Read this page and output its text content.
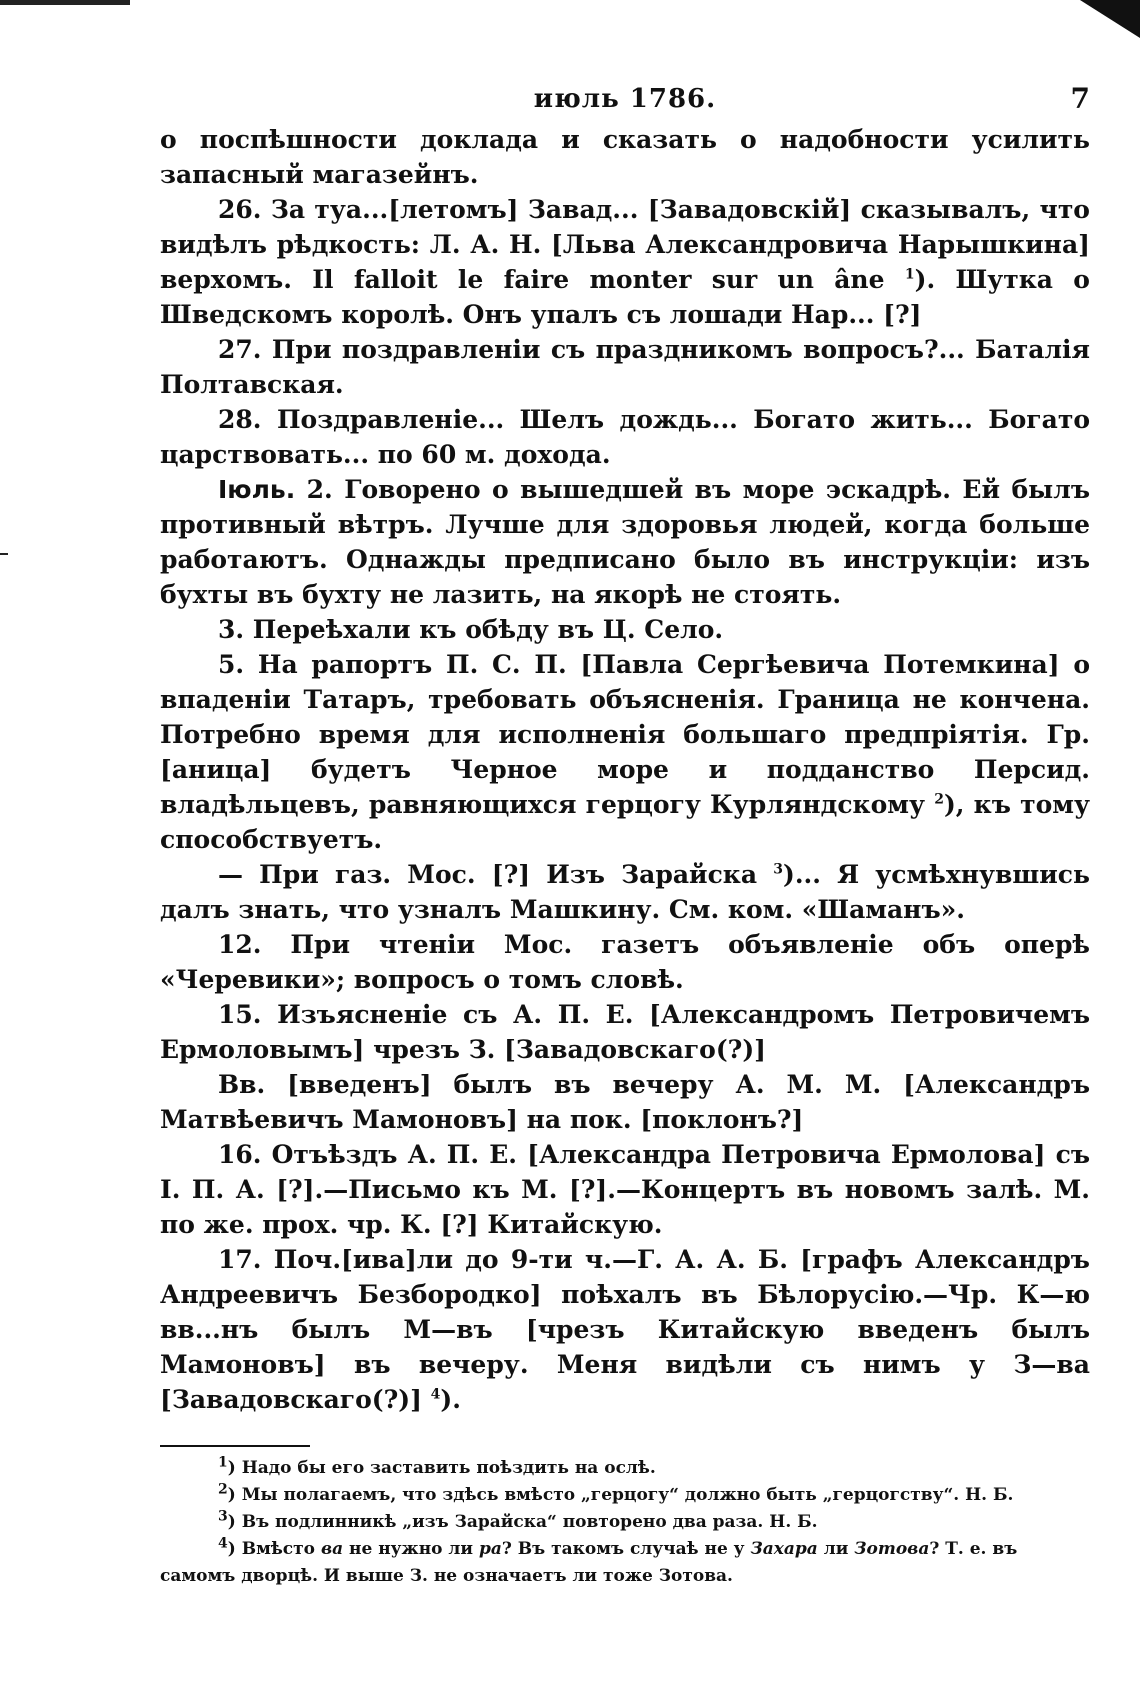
июль 1786.	7

о поспѣшности доклада и сказать о надобности усилить запасный магазейнъ.

26. За туа...[летомъ] Завад... [Завадовскій] сказывалъ, что видѣлъ рѣдкость: Л. А. Н. [Льва Александровича Нарышкина] верхомъ. Il falloit le faire monter sur un âne $^1$). Шутка о Шведскомъ королѣ. Онъ упалъ съ лошади Нар... [?]

27. При поздравленіи съ праздникомъ вопросъ?... Баталія Полтавская.

28. Поздравленіе... Шелъ дождь... Богато жить... Богато царствовать... по 60 м. дохода.

Іюль. 2. Говорено о вышедшей въ море эскадрѣ. Ей былъ противный вѣтръ. Лучше для здоровья людей, когда больше работаютъ. Однажды предписано было въ инструкціи: изъ бухты въ бухту не лазить, на якорѣ не стоять.

3. Переѣхали къ обѣду въ Ц. Село.

5. На рапортъ П. С. П. [Павла Сергѣевича Потемкина] о впаденіи Татаръ, требовать объясненія. Граница не кончена. Потребно время для исполненія большаго предпріятія. Гр.[аница] будетъ Черное море и подданство Персид. владѣльцевъ, равняющихся герцогу Курляндскому $^2$), къ тому способствуетъ.

— При газ. Мос. [?] Изъ Зарайска $^3$)... Я усмѣхнувшись далъ знать, что узналъ Машкину. См. ком. «Шаманъ».

12. При чтеніи Мос. газетъ объявленіе объ оперѣ «Черевики»; вопросъ о томъ словѣ.

15. Изъясненіе съ А. П. Е. [Александромъ Петровичемъ Ермоловымъ] чрезъ З. [Завадовскаго(?)]

Вв. [введенъ] былъ въ вечеру А. М. М. [Александръ Матвѣевичъ Мамоновъ] на пок. [поклонъ?]

16. Отъѣздъ А. П. Е. [Александра Петровича Ермолова] съ І. П. А. [?].—Письмо къ М. [?].—Концертъ въ новомъ залѣ. М. по же. прох. чр. К. [?] Китайскую.

17. Поч.[ива]ли до 9-ти ч.—Г. А. А. Б. [графъ Александръ Андреевичъ Безбородко] поѣхалъ въ Бѣлорусію.—Чр. К—ю вв...нъ былъ М—въ [чрезъ Китайскую введенъ былъ Мамоновъ] въ вечеру. Меня видѣли съ нимъ у З—ва [Завадовскаго(?)] $^4$).

$^1$) Надо бы его заставить поѣздить на ослѣ.

$^2$) Мы полагаемъ, что здѣсь вмѣсто „герцогу“ должно быть „герцогству“. Н. Б.

$^3$) Въ подлинникѣ „изъ Зарайска“ повторено два раза. Н. Б.

$^4$) Вмѣсто ва не нужно ли ра? Въ такомъ случаѣ не у Захара ли Зотова? Т. е. въ самомъ дворцѣ. И выше З. не означаетъ ли тоже Зотова.
